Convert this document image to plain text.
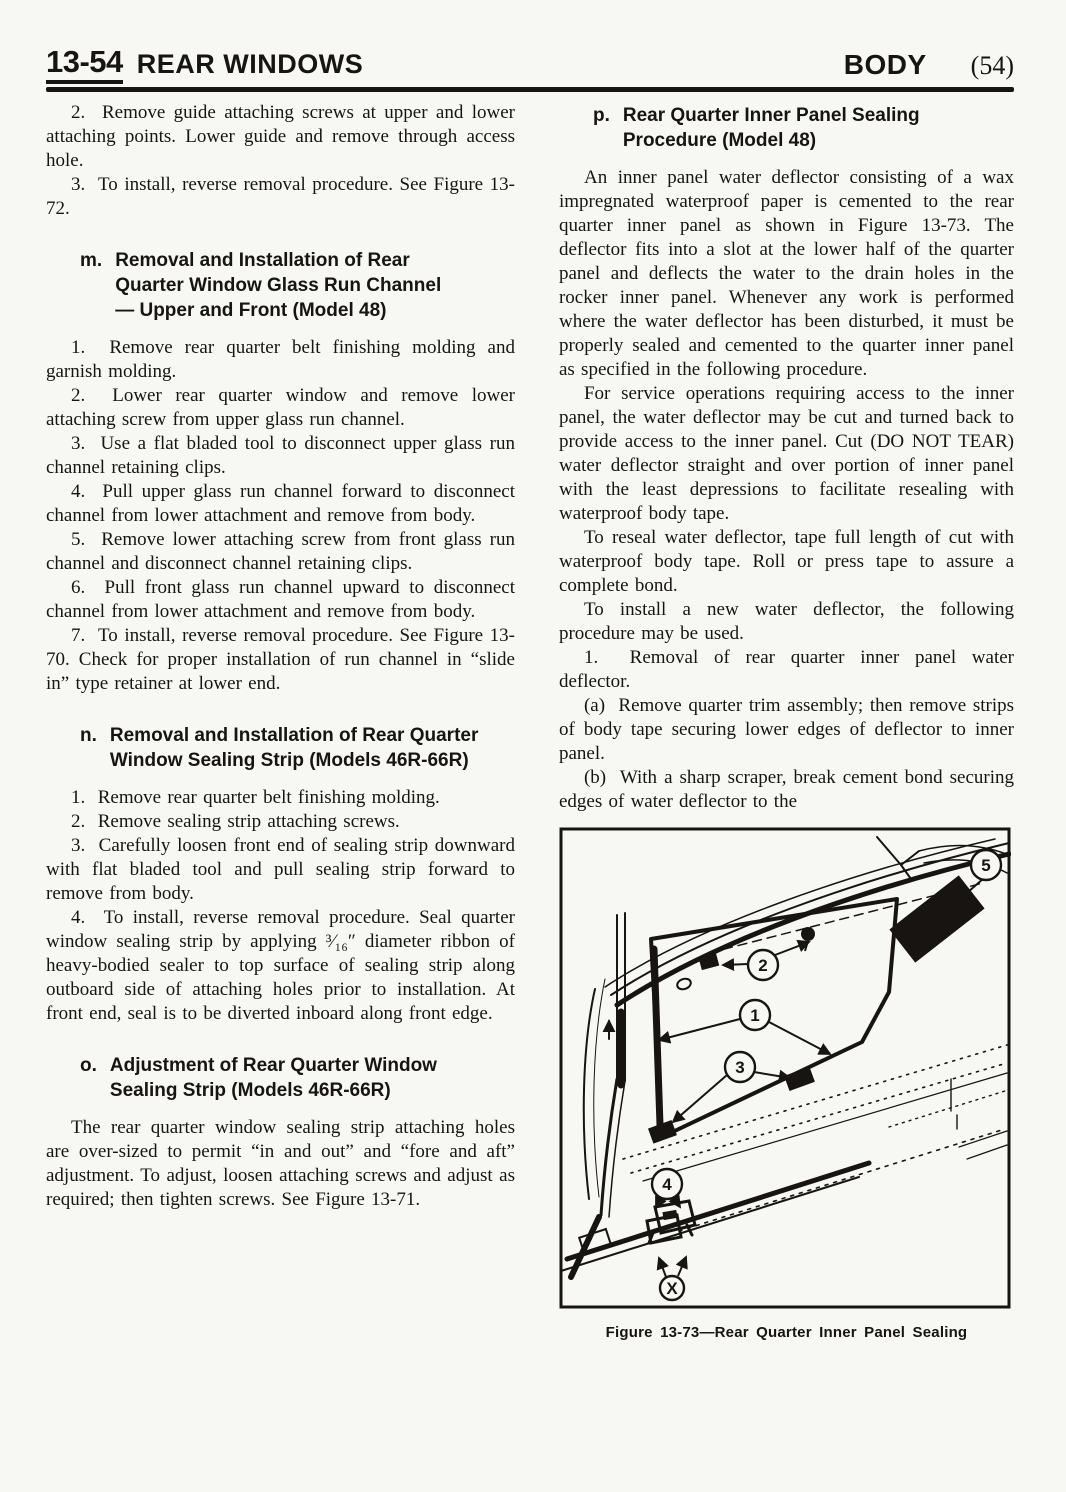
13-54 REAR WINDOWS	BODY (54)

2.  Remove guide attaching screws at upper and lower attaching points. Lower guide and remove through access hole.

3.  To install, reverse removal procedure. See Figure 13-72.

m. Removal and Installation of Rear Quarter Window Glass Run Channel— Upper and Front (Model 48)

1.  Remove rear quarter belt finishing molding and garnish molding.

2.  Lower rear quarter window and remove lower attaching screw from upper glass run channel.

3.  Use a flat bladed tool to disconnect upper glass run channel retaining clips.

4.  Pull upper glass run channel forward to disconnect channel from lower attachment and remove from body.

5.  Remove lower attaching screw from front glass run channel and disconnect channel retaining clips.

6.  Pull front glass run channel upward to disconnect channel from lower attachment and remove from body.

7.  To install, reverse removal procedure. See Figure 13-70. Check for proper installation of run channel in “slide in” type retainer at lower end.

n. Removal and Installation of Rear Quarter Window Sealing Strip (Models 46R-66R)

1.  Remove rear quarter belt finishing molding.

2.  Remove sealing strip attaching screws.

3.  Carefully loosen front end of sealing strip downward with flat bladed tool and pull sealing strip forward to remove from body.

4.  To install, reverse removal procedure. Seal quarter window sealing strip by applying ³⁄₁₆″ diameter ribbon of heavy-bodied sealer to top surface of sealing strip along outboard side of attaching holes prior to installation. At front end, seal is to be diverted inboard along front edge.

o. Adjustment of Rear Quarter Window Sealing Strip (Models 46R-66R)

The rear quarter window sealing strip attaching holes are over-sized to permit “in and out” and “fore and aft” adjustment. To adjust, loosen attaching screws and adjust as required; then tighten screws. See Figure 13-71.

p. Rear Quarter Inner Panel Sealing Procedure (Model 48)

An inner panel water deflector consisting of a wax impregnated waterproof paper is cemented to the rear quarter inner panel as shown in Figure 13-73. The deflector fits into a slot at the lower half of the quarter panel and deflects the water to the drain holes in the rocker inner panel. Whenever any work is performed where the water deflector has been disturbed, it must be properly sealed and cemented to the quarter inner panel as specified in the following procedure.

For service operations requiring access to the inner panel, the water deflector may be cut and turned back to provide access to the inner panel. Cut (DO NOT TEAR) water deflector straight and over portion of inner panel with the least depressions to facilitate resealing with waterproof body tape.

To reseal water deflector, tape full length of cut with waterproof body tape. Roll or press tape to assure a complete bond.

To install a new water deflector, the following procedure may be used.

1.  Removal of rear quarter inner panel water deflector.

(a)  Remove quarter trim assembly; then remove strips of body tape securing lower edges of deflector to inner panel.

(b)  With a sharp scraper, break cement bond securing edges of water deflector to the

1
2
3
4
5
X
Figure 13-73—Rear Quarter Inner Panel Sealing
